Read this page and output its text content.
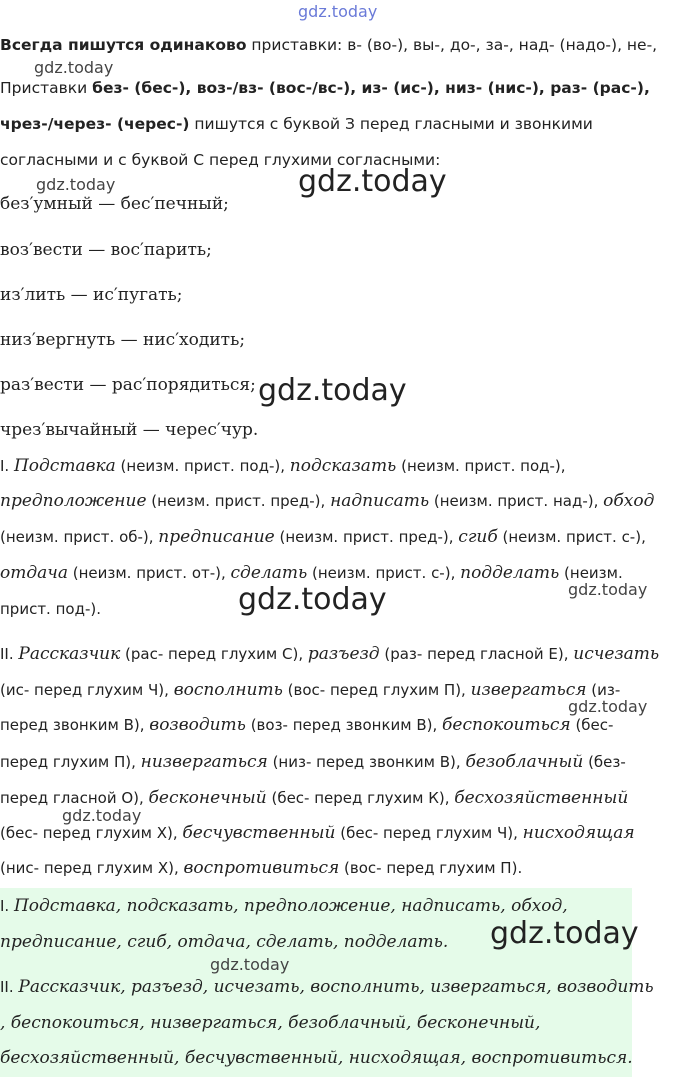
gdz.today
Всегда пишутся одинаково приставки: в- (во-), вы-, до-, за-, над- (надо-), не-,
gdz.today
Приставки без- (бес-), воз-/вз- (вос-/вс-), из- (ис-), низ- (нис-), раз- (рас-),
чрез-/через- (черес-) пишутся с буквой З перед гласными и звонкими
согласными и с буквой С перед глухими согласными:
gdz.today	gdz.today
без′умный — бес′печный;
воз′вести — вос′парить;
из′лить — ис′пугать;
низ′вергнуть — нис′ходить;
раз′вести — рас′порядиться; gdz.today
чрез′вычайный — черес′чур.
I. Подставка (неизм. прист. под-), подсказать (неизм. прист. под-),
предположение (неизм. прист. пред-), надписать (неизм. прист. над-), обход
(неизм. прист. об-), предписание (неизм. прист. пред-), сгиб (неизм. прист. с-),
отдача (неизм. прист. от-), сделать (неизм. прист. с-), подделать (неизм.
gdz.today
gdz.today
прист. под-).
II. Рассказчик (рас- перед глухим С), разъезд (раз- перед гласной Е), исчезать
(ис- перед глухим Ч), восполнить (вос- перед глухим П), извергаться (из-
gdz.today
перед звонким В), возводить (воз- перед звонким В), беспокоиться (бес-
перед глухим П), низвергаться (низ- перед звонким В), безоблачный (без-
перед гласной О), бесконечный (бес- перед глухим К), бесхозяйственный
gdz.today
(бес- перед глухим Х), бесчувственный (бес- перед глухим Ч), нисходящая
(нис- перед глухим Х), воспротивиться (вос- перед глухим П).
I. Подставка, подсказать, предположение, надписать, обход,
предписание, сгиб, отдача, сделать, подделать. gdz.today
gdz.today
II. Рассказчик, разъезд, исчезать, восполнить, извергаться, возводить
, беспокоиться, низвергаться, безоблачный, бесконечный,
бесхозяйственный, бесчувственный, нисходящая, воспротивиться.
